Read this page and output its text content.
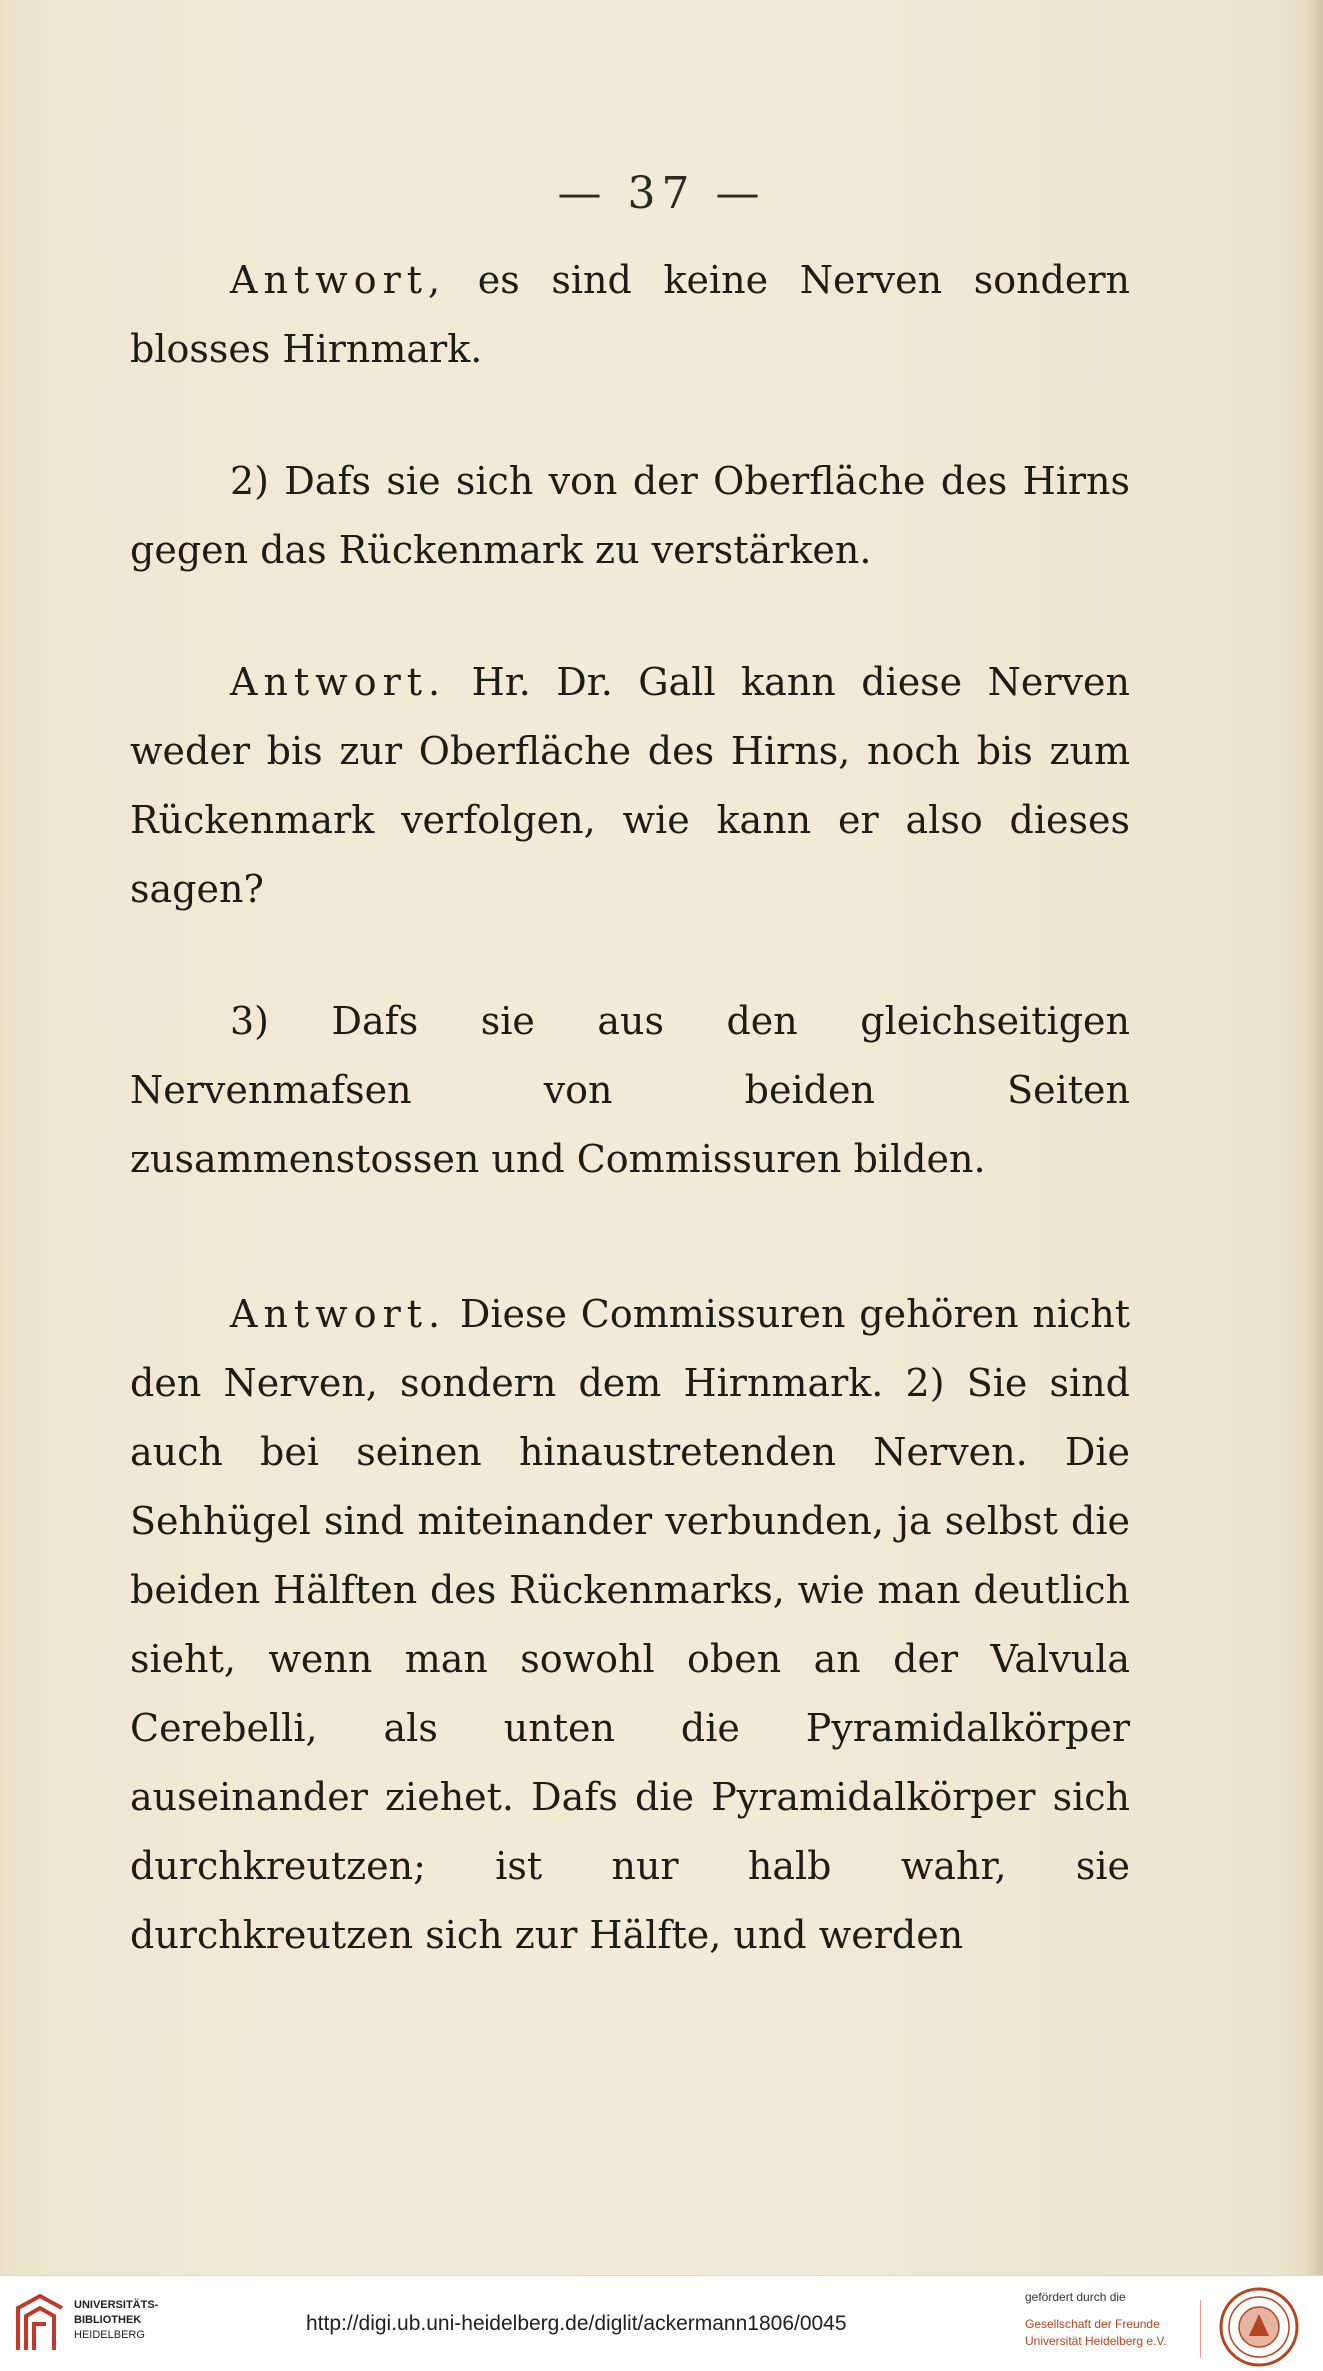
— 37 —

Antwort, es sind keine Nerven sondern blosses Hirnmark.

2) Dafs sie sich von der Oberfläche des Hirns gegen das Rückenmark zu verstärken.

Antwort. Hr. Dr. Gall kann diese Nerven weder bis zur Oberfläche des Hirns, noch bis zum Rückenmark verfolgen, wie kann er also dieses sagen?

3) Dafs sie aus den gleichseitigen Nervenmafsen von beiden Seiten zusammenstossen und Commissuren bilden.

Antwort. Diese Commissuren gehören nicht den Nerven, sondern dem Hirnmark. 2) Sie sind auch bei seinen hinaustretenden Nerven. Die Sehhügel sind miteinander verbunden, ja selbst die beiden Hälften des Rückenmarks, wie man deutlich sieht, wenn man sowohl oben an der Valvula Cerebelli, als unten die Pyramidalkörper auseinander ziehet. Dafs die Pyramidalkörper sich durchkreutzen; ist nur halb wahr, sie durchkreutzen sich zur Hälfte, und werden

UNIVERSITÄTS-
BIBLIOTHEK
HEIDELBERG	http://digi.ub.uni-heidelberg.de/diglit/ackermann1806/0045
gefördert durch die
Gesellschaft der Freunde
Universität Heidelberg e.V.
